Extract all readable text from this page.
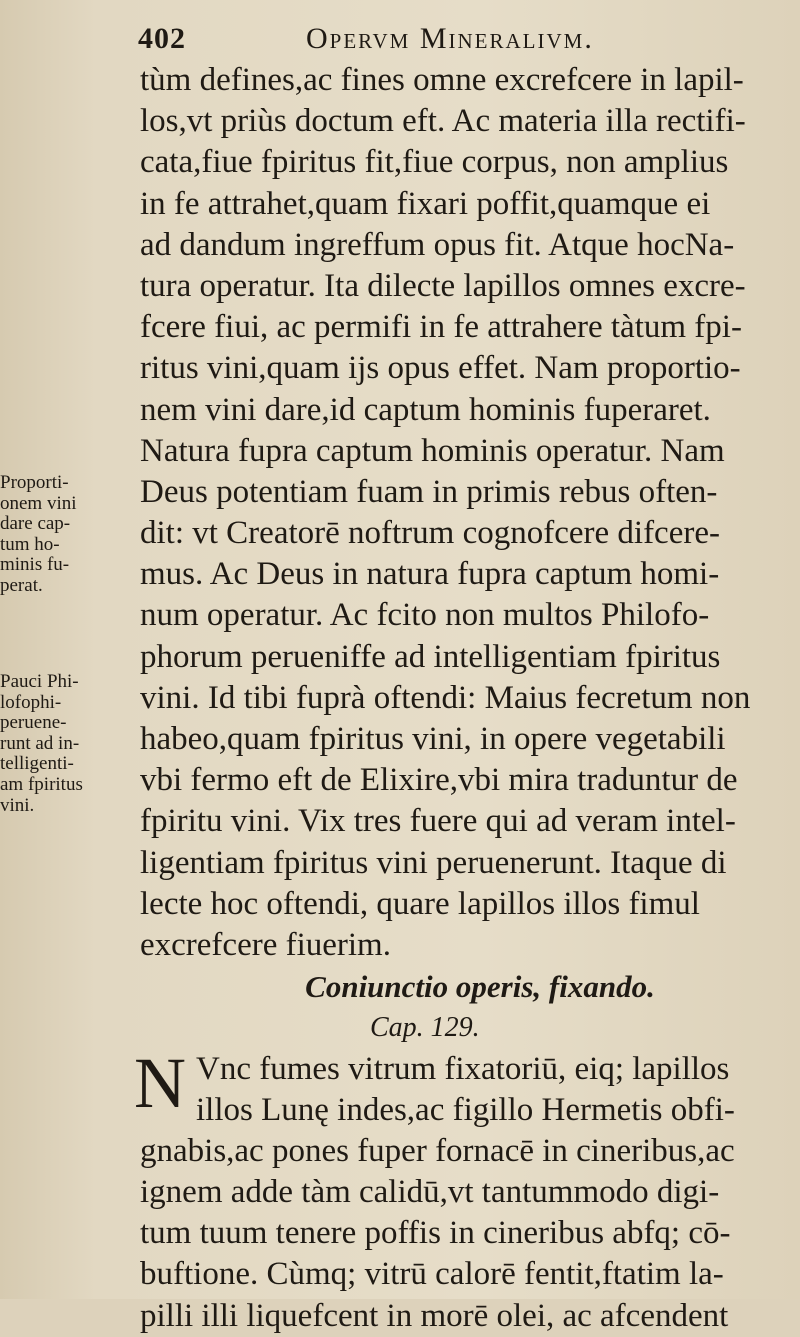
402	Opervm Mineralivm.
Proporti-
onem vini
dare cap-
tum ho-
minis fu-
perat.
Pauci Phi-
lofophi-
peruene-
runt ad in-
telligenti-
am fpiritus
vini.
tùm defines,ac fines omne excrefcere in lapil-
los,vt priùs doctum eft. Ac materia illa rectifi-
cata,fiue fpiritus fit,fiue corpus, non amplius
in fe attrahet,quam fixari poffit,quamque ei
ad dandum ingreffum opus fit. Atque hocNa-
tura operatur. Ita dilecte lapillos omnes excre-
fcere fiui, ac permifi in fe attrahere tàtum fpi-
ritus vini,quam ijs opus effet. Nam proportio-
nem vini dare,id captum hominis fuperaret.
Natura fupra captum hominis operatur. Nam
Deus potentiam fuam in primis rebus often-
dit: vt Creatorē noftrum cognofcere difcere-
mus. Ac Deus in natura fupra captum homi-
num operatur. Ac fcito non multos Philofo-
phorum perueniffe ad intelligentiam fpiritus
vini. Id tibi fuprà oftendi: Maius fecretum non
habeo,quam fpiritus vini, in opere vegetabili
vbi fermo eft de Elixire,vbi mira traduntur de
fpiritu vini. Vix tres fuere qui ad veram intel-
ligentiam fpiritus vini peruenerunt. Itaque di
lecte hoc oftendi, quare lapillos illos fimul
excrefcere fiuerim.
Coniunctio operis, fixando.
Cap. 129.
N Vnc fumes vitrum fixatoriū, eiq; lapillos
illos Lunę indes,ac figillo Hermetis obfi-
gnabis,ac pones fuper fornacē in cineribus,ac
ignem adde tàm calidū,vt tantummodo digi-
tum tuum tenere poffis in cineribus abfq; cō-
buftione. Cùmq; vitrū calorē fentit,ftatim la-
pilli illi liquefcent in morē olei, ac afcendent
